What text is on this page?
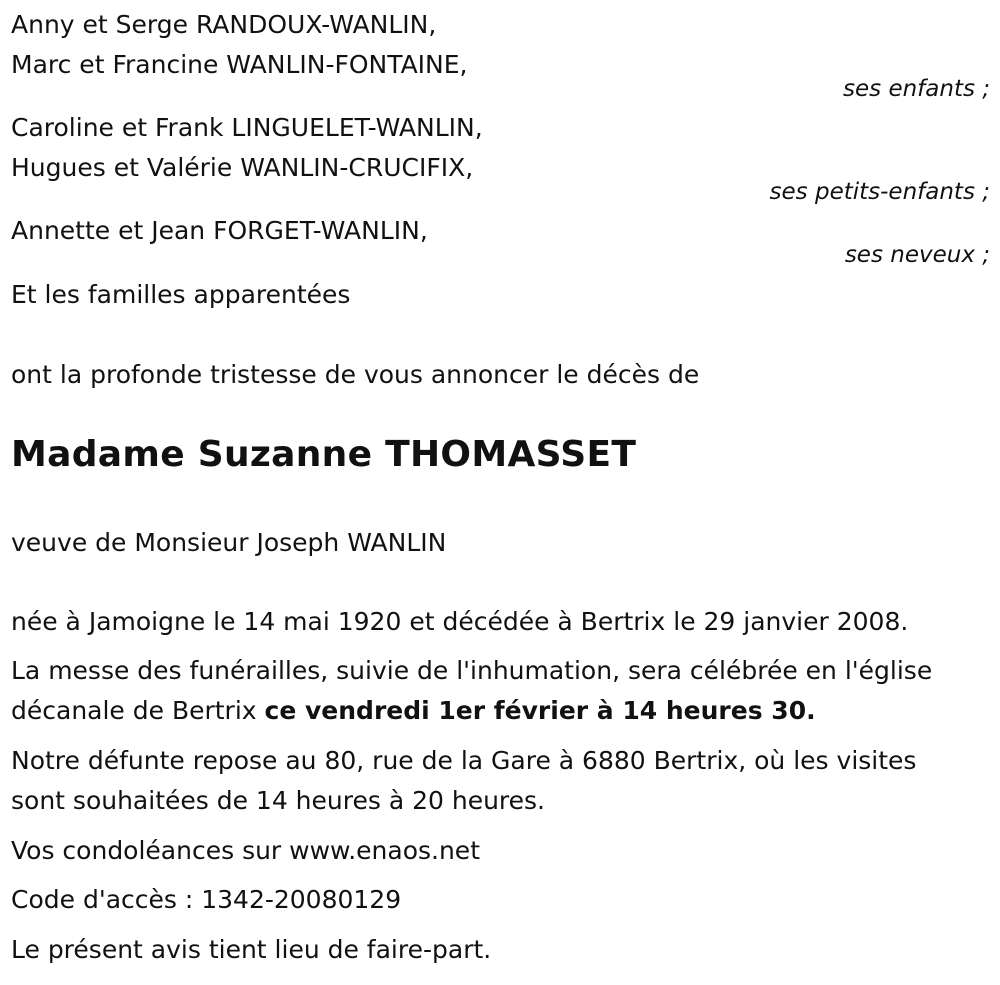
Anny et Serge RANDOUX-WANLIN,
Marc et Francine WANLIN-FONTAINE,
ses enfants ;
Caroline et Frank LINGUELET-WANLIN,
Hugues et Valérie WANLIN-CRUCIFIX,
ses petits-enfants ;
Annette et Jean FORGET-WANLIN,
ses neveux ;
Et les familles apparentées
ont la profonde tristesse de vous annoncer le décès de
Madame Suzanne THOMASSET
veuve de Monsieur Joseph WANLIN
née à Jamoigne le 14 mai 1920 et décédée à Bertrix le 29 janvier 2008.
La messe des funérailles, suivie de l'inhumation, sera célébrée en l'église
décanale de Bertrix ce vendredi 1er février à 14 heures 30.
Notre défunte repose au 80, rue de la Gare à 6880 Bertrix, où les visites
sont souhaitées de 14 heures à 20 heures.
Vos condoléances sur www.enaos.net
Code d'accès : 1342-20080129
Le présent avis tient lieu de faire-part.
